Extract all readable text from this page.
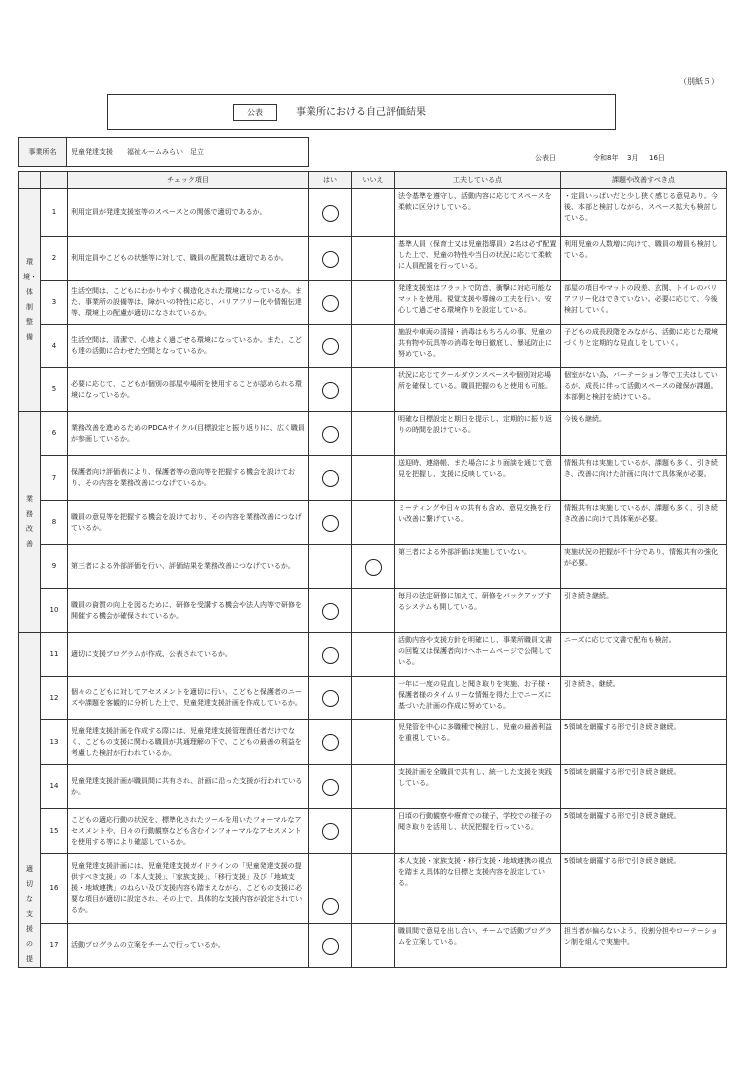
（別紙５）
公表	事業所における自己評価結果
事業所名	児童発達支援　　福祉ルームみらい　足立
公表日	令和8年 3月 16日
		チェック項目	はい	いいえ	工夫している点	課題や改善すべき点
環境・体制整備	1	利用定員が発達支援室等のスペースとの関係で適切であるか。			法令基準を遵守し、活動内容に応じてスペースを柔軟に区分けしている。	・定員いっぱいだと少し狭く感じる意見あり。今後、本部と検討しながら、スペース拡大も検討している。
	2	利用定員やこどもの状態等に対して、職員の配置数は適切であるか。			基準人員（保育士又は児童指導員）2名は必ず配置した上で、児童の特性や当日の状況に応じて柔軟に人員配置を行っている。	利用児童の人数増に向けて、職員の増員も検討している。
	3	生活空間は、こどもにわかりやすく構造化された環境になっているか。また、事業所の設備等は、障がいの特性に応じ、バリアフリー化や情報伝達等、環境上の配慮が適切になされているか。			発達支援室はフラットで防音、衝撃に対応可能なマットを使用。視覚支援や導線の工夫を行い、安心して過ごせる環境作りを設定している。	部屋の項目やマットの段差、玄関、トイレのバリアフリー化はできていない。必要に応じて、今後検討していく。
	4	生活空間は、清潔で、心地よく過ごせる環境になっているか。また、こども達の活動に合わせた空間となっているか。			施設や車両の清掃・消毒はもちろんの事、児童の共有物や玩具等の消毒を毎日徹底し、暴延防止に努めている。	子どもの成長段階をみながら、活動に応じた環境づくりと定期的な見直しをしていく。
	5	必要に応じて、こどもが個別の部屋や場所を使用することが認められる環境になっているか。			状況に応じてクールダウンスペースや個別対応場所を確保している。職員把握のもと使用も可能。	個室がない為、パーテーション等で工夫はしているが、成長に伴って活動スペースの確保が課題。本部側と検討を続けている。
業務改善	6	業務改善を進めるためのPDCAサイクル(目標設定と振り返り)に、広く職員が参画しているか。			明確な目標設定と期日を提示し、定期的に振り返りの時間を設けている。	今後も継続。
	7	保護者向け評価表により、保護者等の意向等を把握する機会を設けており、その内容を業務改善につなげているか。			送迎時、連絡帳、また場合により面談を通じて意見を把握し、支援に反映している。	情報共有は実施しているが、課題も多く、引き続き、改善に向けた計画に向けて具体案が必要。
	8	職員の意見等を把握する機会を設けており、その内容を業務改善につなげているか。			ミーティングや日々の共有も含め、意見交換を行い改善に繋げている。	情報共有は実施しているが、課題も多く、引き続き改善に向けて具体案が必要。
	9	第三者による外部評価を行い、評価結果を業務改善につなげているか。			第三者による外部評価は実施していない。	実施状況の把握が不十分であり、情報共有の強化が必要。
	10	職員の資質の向上を図るために、研修を受講する機会や法人内等で研修を開催する機会が確保されているか。			毎月の法定研修に加えて、研修をバックアップするシステムも開している。	引き続き継続。
適切な支援の提	11	適切に支援プログラムが作成、公表されているか。			活動内容や支援方針を明確にし、事業所職員文書の回覧又は保護者向けへホームページで公開している。	ニーズに応じて文書で配布も検討。
	12	個々のこどもに対してアセスメントを適切に行い、こどもと保護者のニーズや課題を客観的に分析した上で、児童発達支援計画を作成しているか。			一年に一度の見直しと聞き取りを実施、お子様・保護者様のタイムリーな情報を得た上でニーズに基づいた計画の作成に努めている。	引き続き、継続。
	13	児童発達支援計画を作成する際には、児童発達支援管理責任者だけでなく、こどもの支援に関わる職員が共通理解の下で、こどもの最善の利益を考慮した検討が行われているか。			児発管を中心に多職種で検討し、児童の最善利益を重視している。	5領域を網羅する形で引き続き継続。
	14	児童発達支援計画が職員間に共有され、計画に沿った支援が行われているか。			支援計画を全職員で共有し、統一した支援を実践している。	5領域を網羅する形で引き続き継続。
	15	こどもの適応行動の状況を、標準化されたツールを用いたフォーマルなアセスメントや、日々の行動観察なども含むインフォーマルなアセスメントを使用する等により確認しているか。			日頃の行動観察や療育での様子、学校での様子の聞き取りを活用し、状況把握を行っている。	5領域を網羅する形で引き続き継続。
	16	児童発達支援計画には、児童発達支援ガイドラインの「児童発達支援の提供すべき支援」の「本人支援」、「家族支援」、「移行支援」及び「地域支援・地域連携」のねらい及び支援内容も踏まえながら、こどもの支援に必要な項目が適切に設定され、その上で、具体的な支援内容が設定されているか。			本人支援・家族支援・移行支援・地域連携の視点を踏まえ具体的な目標と支援内容を設定している。	5領域を網羅する形で引き続き継続。
	17	活動プログラムの立案をチームで行っているか。			職員間で意見を出し合い、チームで活動プログラムを立案している。	担当者が偏らないよう、役割分担やローテーション制を組んで実施中。
